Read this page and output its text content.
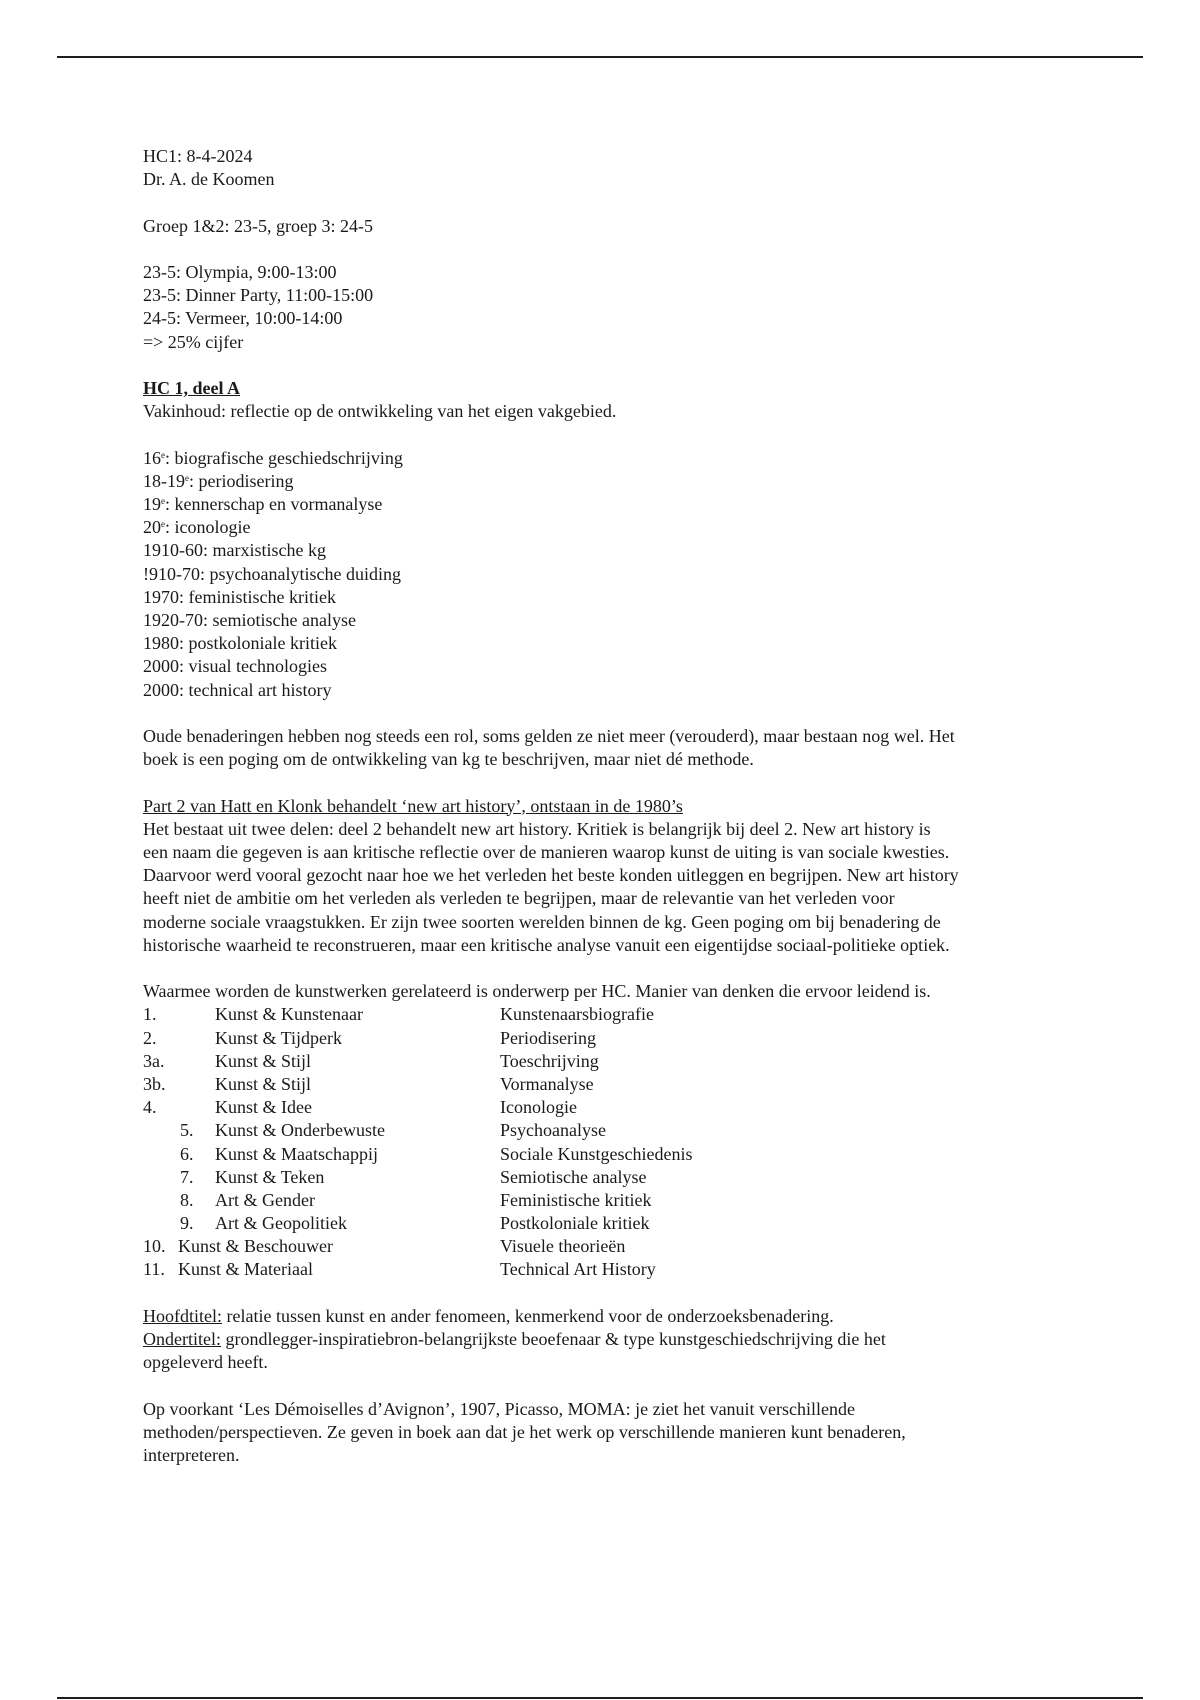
HC1: 8-4-2024
Dr. A. de Koomen
Groep 1&2: 23-5, groep 3: 24-5
23-5: Olympia, 9:00-13:00
23-5: Dinner Party, 11:00-15:00
24-5: Vermeer, 10:00-14:00
=> 25% cijfer
HC 1, deel A
Vakinhoud: reflectie op de ontwikkeling van het eigen vakgebied.
16e: biografische geschiedschrijving
18-19e: periodisering
19e: kennerschap en vormanalyse
20e: iconologie
1910-60: marxistische kg
!910-70: psychoanalytische duiding
1970: feministische kritiek
1920-70: semiotische analyse
1980: postkoloniale kritiek
2000: visual technologies
2000: technical art history
Oude benaderingen hebben nog steeds een rol, soms gelden ze niet meer (verouderd), maar bestaan nog wel. Het
boek is een poging om de ontwikkeling van kg te beschrijven, maar niet dé methode.
Part 2 van Hatt en Klonk behandelt ‘new art history’, ontstaan in de 1980’s
Het bestaat uit twee delen: deel 2 behandelt new art history. Kritiek is belangrijk bij deel 2. New art history is
een naam die gegeven is aan kritische reflectie over de manieren waarop kunst de uiting is van sociale kwesties.
Daarvoor werd vooral gezocht naar hoe we het verleden het beste konden uitleggen en begrijpen. New art history
heeft niet de ambitie om het verleden als verleden te begrijpen, maar de relevantie van het verleden voor
moderne sociale vraagstukken. Er zijn twee soorten werelden binnen de kg. Geen poging om bij benadering de
historische waarheid te reconstrueren, maar een kritische analyse vanuit een eigentijdse sociaal-politieke optiek.
Waarmee worden de kunstwerken gerelateerd is onderwerp per HC. Manier van denken die ervoor leidend is.
1.	Kunst & Kunstenaar	Kunstenaarsbiografie
2.	Kunst & Tijdperk	Periodisering
3a.	Kunst & Stijl	Toeschrijving
3b.	Kunst & Stijl	Vormanalyse
4.	Kunst & Idee	Iconologie
5.	Kunst & Onderbewuste	Psychoanalyse
6.	Kunst & Maatschappij	Sociale Kunstgeschiedenis
7.	Kunst & Teken	Semiotische analyse
8.	Art & Gender	Feministische kritiek
9.	Art & Geopolitiek	Postkoloniale kritiek
10. Kunst & Beschouwer	Visuele theorieën
11. Kunst & Materiaal	Technical Art History
Hoofdtitel: relatie tussen kunst en ander fenomeen, kenmerkend voor de onderzoeksbenadering.
Ondertitel: grondlegger-inspiratiebron-belangrijkste beoefenaar & type kunstgeschiedschrijving die het
opgeleverd heeft.
Op voorkant ‘Les Démoiselles d’Avignon’, 1907, Picasso, MOMA: je ziet het vanuit verschillende
methoden/perspectieven. Ze geven in boek aan dat je het werk op verschillende manieren kunt benaderen,
interpreteren.
